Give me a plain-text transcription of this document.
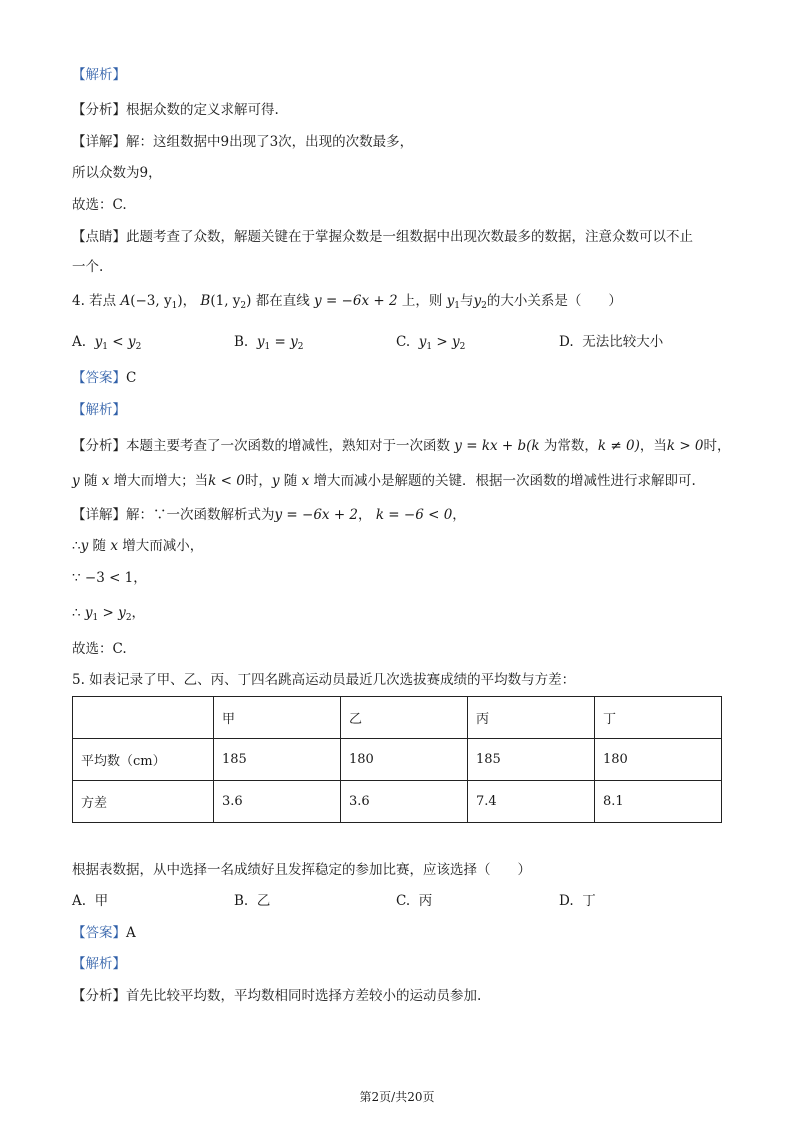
【解析】
【分析】根据众数的定义求解可得.
【详解】解：这组数据中9出现了3次，出现的次数最多，
所以众数为9，
故选：C.
【点睛】此题考查了众数，解题关键在于掌握众数是一组数据中出现次数最多的数据，注意众数可以不止
一个.
4. 若点 A(−3, $y_1$)， B(1, $y_2$) 都在直线 y = −6x + 2 上，则 $y_1$与$y_2$的大小关系是（　　）
A. $y_1 < y_2$	B. $y_1 = y_2$	C. $y_1 > y_2$	D. 无法比较大小
【答案】C
【解析】
【分析】本题主要考查了一次函数的增减性，熟知对于一次函数 y = kx + b(k 为常数，k ≠ 0)，当k > 0时，
y 随 x 增大而增大；当k < 0时，y 随 x 增大而减小是解题的关键．根据一次函数的增减性进行求解即可.
【详解】解：∵一次函数解析式为y = −6x + 2， k = −6 < 0，
∴y 随 x 增大而减小，
∵ −3 < 1，
∴ $y_1 > y_2$，
故选：C.
5. 如表记录了甲、乙、丙、丁四名跳高运动员最近几次选拔赛成绩的平均数与方差：
	甲	乙	丙	丁
平均数（cm）	185	180	185	180
方差	3.6	3.6	7.4	8.1
根据表数据，从中选择一名成绩好且发挥稳定的参加比赛，应该选择（　　）
A. 甲	B. 乙	C. 丙	D. 丁
【答案】A
【解析】
【分析】首先比较平均数，平均数相同时选择方差较小的运动员参加.
第2页/共20页
